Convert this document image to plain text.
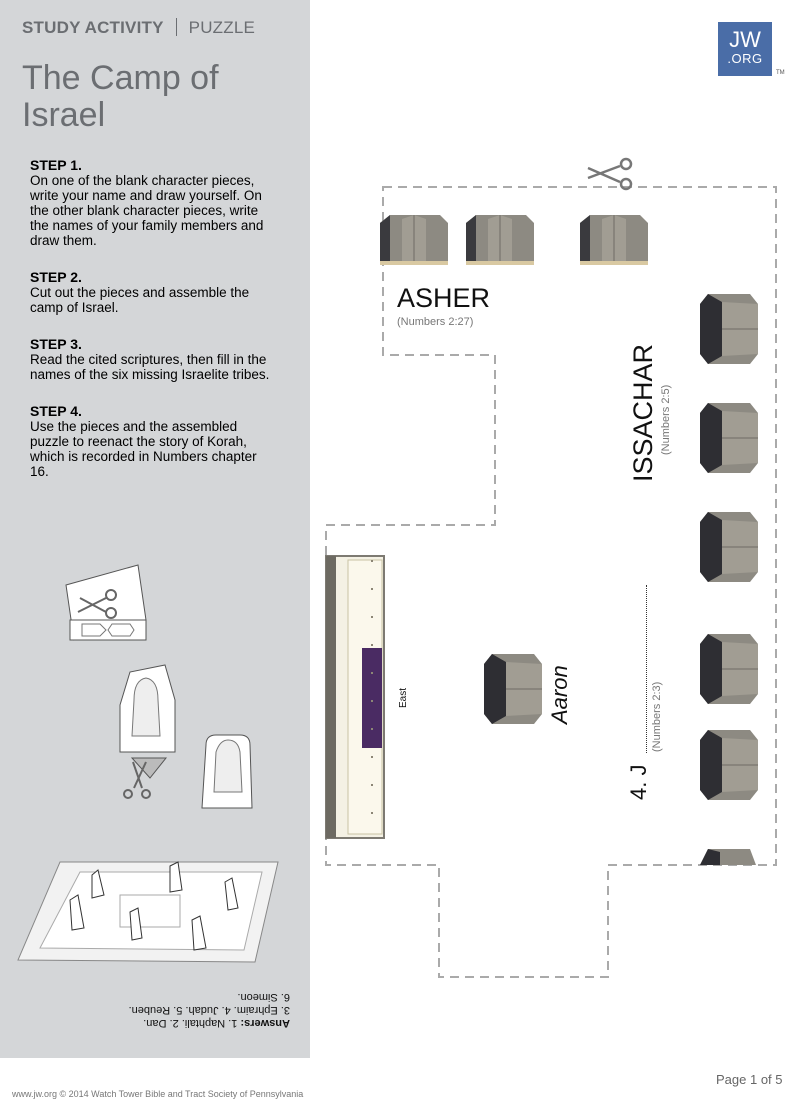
STUDY ACTIVITY PUZZLE
The Camp of Israel
STEP 1.
On one of the blank character pieces, write your name and draw yourself. On the other blank character pieces, write the names of your family members and draw them.
STEP 2.
Cut out the pieces and assemble the camp of Israel.
STEP 3.
Read the cited scriptures, then fill in the names of the six missing Israelite tribes.
STEP 4.
Use the pieces and the assembled puzzle to reenact the story of Korah, which is recorded in Numbers chapter 16.
Answers: 1. Naphtali. 2. Dan.
3. Ephraim. 4. Judah. 5. Reuben.
6. Simeon.
JW
.ORG
TM
ASHER
(Numbers 2:27)
ISSACHAR (Numbers 2:5)
Aaron
East
4. J
(Numbers 2:3)
www.jw.org © 2014 Watch Tower Bible and Tract Society of Pennsylvania
Page 1 of 5
